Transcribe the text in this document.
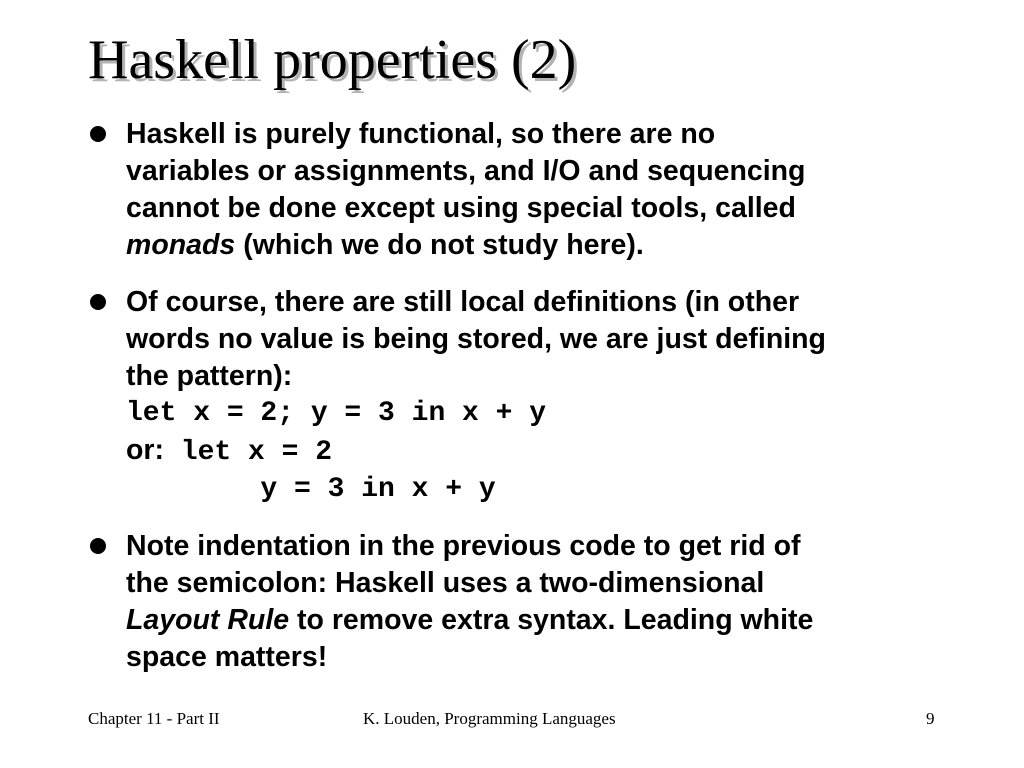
Haskell properties (2)
Haskell is purely functional, so there are no
variables or assignments, and I/O and sequencing
cannot be done except using special tools, called
monads (which we do not study here).
Of course, there are still local definitions (in other
words no value is being stored, we are just defining
the pattern):
let x = 2; y = 3 in x + y
or: let x = 2
y = 3 in x + y
Note indentation in the previous code to get rid of
the semicolon: Haskell uses a two-dimensional
Layout Rule to remove extra syntax. Leading white
space matters!
Chapter 11 - Part II	K. Louden, Programming Languages	9
